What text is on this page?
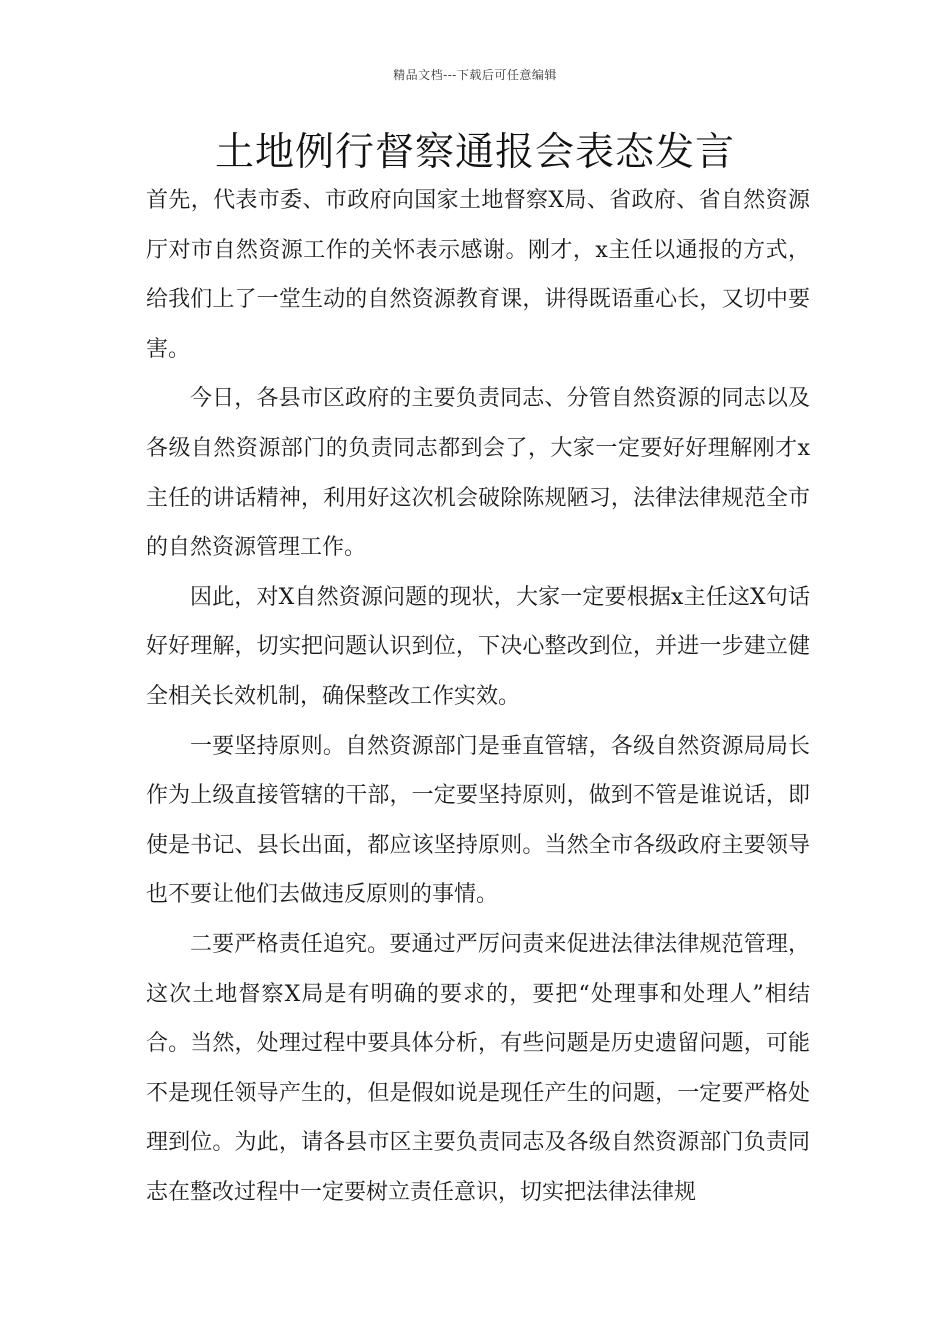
精品文档---下载后可任意编辑
土地例行督察通报会表态发言

首先，代表市委、市政府向国家土地督察X局、省政府、省自然资源厅对市自然资源工作的关怀表示感谢。刚才，x主任以通报的方式，给我们上了一堂生动的自然资源教育课，讲得既语重心长，又切中要害。

今日，各县市区政府的主要负责同志、分管自然资源的同志以及各级自然资源部门的负责同志都到会了，大家一定要好好理解刚才x主任的讲话精神，利用好这次机会破除陈规陋习，法律法律规范全市的自然资源管理工作。

因此，对X自然资源问题的现状，大家一定要根据x主任这X句话好好理解，切实把问题认识到位，下决心整改到位，并进一步建立健全相关长效机制，确保整改工作实效。

一要坚持原则。自然资源部门是垂直管辖，各级自然资源局局长作为上级直接管辖的干部，一定要坚持原则，做到不管是谁说话，即使是书记、县长出面，都应该坚持原则。当然全市各级政府主要领导也不要让他们去做违反原则的事情。

二要严格责任追究。要通过严厉问责来促进法律法律规范管理，这次土地督察X局是有明确的要求的，要把“处理事和处理人”相结合。当然，处理过程中要具体分析，有些问题是历史遗留问题，可能不是现任领导产生的，但是假如说是现任产生的问题，一定要严格处理到位。为此，请各县市区主要负责同志及各级自然资源部门负责同志在整改过程中一定要树立责任意识，切实把法律法律规
